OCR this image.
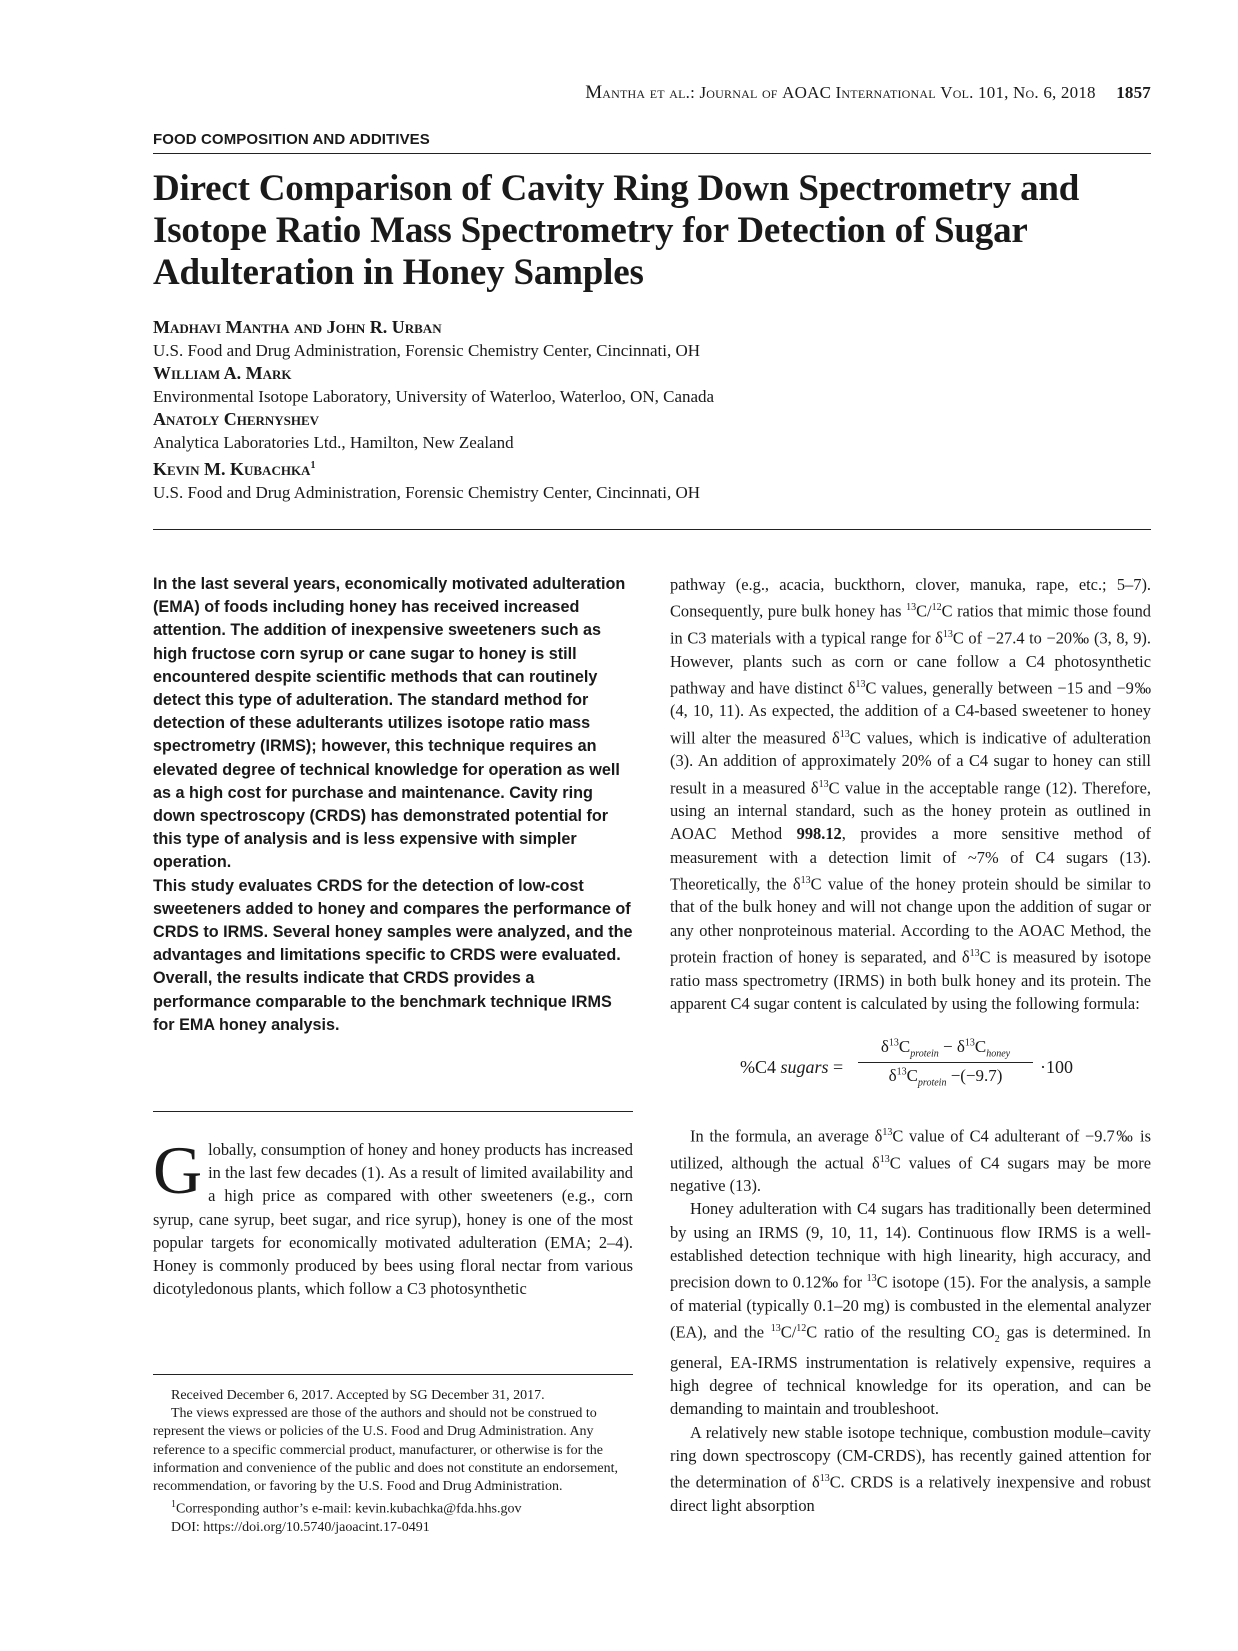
Mantha et al.: Journal of AOAC International Vol. 101, No. 6, 2018 1857
FOOD COMPOSITION AND ADDITIVES
Direct Comparison of Cavity Ring Down Spectrometry and Isotope Ratio Mass Spectrometry for Detection of Sugar Adulteration in Honey Samples
Madhavi Mantha and John R. Urban
U.S. Food and Drug Administration, Forensic Chemistry Center, Cincinnati, OH
William A. Mark
Environmental Isotope Laboratory, University of Waterloo, Waterloo, ON, Canada
Anatoly Chernyshev
Analytica Laboratories Ltd., Hamilton, New Zealand
Kevin M. Kubachka$^1$
U.S. Food and Drug Administration, Forensic Chemistry Center, Cincinnati, OH

In the last several years, economically motivated adulteration (EMA) of foods including honey has received increased attention. The addition of inexpensive sweeteners such as high fructose corn syrup or cane sugar to honey is still encountered despite scientific methods that can routinely detect this type of adulteration. The standard method for detection of these adulterants utilizes isotope ratio mass spectrometry (IRMS); however, this technique requires an elevated degree of technical knowledge for operation as well as a high cost for purchase and maintenance. Cavity ring down spectroscopy (CRDS) has demonstrated potential for this type of analysis and is less expensive with simpler operation.

This study evaluates CRDS for the detection of low-cost sweeteners added to honey and compares the performance of CRDS to IRMS. Several honey samples were analyzed, and the advantages and limitations specific to CRDS were evaluated. Overall, the results indicate that CRDS provides a performance comparable to the benchmark technique IRMS for EMA honey analysis.

Globally, consumption of honey and honey products has increased in the last few decades (1). As a result of limited availability and a high price as compared with other sweeteners (e.g., corn syrup, cane syrup, beet sugar, and rice syrup), honey is one of the most popular targets for economically motivated adulteration (EMA; 2–4). Honey is commonly produced by bees using floral nectar from various dicotyledonous plants, which follow a C3 photosynthetic

Received December 6, 2017. Accepted by SG December 31, 2017.

The views expressed are those of the authors and should not be construed to represent the views or policies of the U.S. Food and Drug Administration. Any reference to a specific commercial product, manufacturer, or otherwise is for the information and convenience of the public and does not constitute an endorsement, recommendation, or favoring by the U.S. Food and Drug Administration.

$^1$Corresponding author’s e-mail: kevin.kubachka@fda.hhs.gov

DOI: https://doi.org/10.5740/jaoacint.17-0491

pathway (e.g., acacia, buckthorn, clover, manuka, rape, etc.; 5–7). Consequently, pure bulk honey has $^{13}$C/$^{12}$C ratios that mimic those found in C3 materials with a typical range for $\delta^{13}C$ of −27.4 to −20‰ (3, 8, 9). However, plants such as corn or cane follow a C4 photosynthetic pathway and have distinct $\delta^{13}C$ values, generally between −15 and −9‰ (4, 10, 11). As expected, the addition of a C4-based sweetener to honey will alter the measured $\delta^{13}C$ values, which is indicative of adulteration (3). An addition of approximately 20% of a C4 sugar to honey can still result in a measured $\delta^{13}C$ value in the acceptable range (12). Therefore, using an internal standard, such as the honey protein as outlined in AOAC Method 998.12, provides a more sensitive method of measurement with a detection limit of ~7% of C4 sugars (13). Theoretically, the $\delta^{13}C$ value of the honey protein should be similar to that of the bulk honey and will not change upon the addition of sugar or any other nonproteinous material. According to the AOAC Method, the protein fraction of honey is separated, and $\delta^{13}C$ is measured by isotope ratio mass spectrometry (IRMS) in both bulk honey and its protein. The apparent C4 sugar content is calculated by using the following formula:

%C4 sugars =
$\delta^{13}C_{protein} - \delta^{13}C_{honey}$
$\delta^{13}C_{protein} -(-9.7)$	·100

In the formula, an average $\delta^{13}C$ value of C4 adulterant of −9.7‰ is utilized, although the actual $\delta^{13}C$ values of C4 sugars may be more negative (13).

Honey adulteration with C4 sugars has traditionally been determined by using an IRMS (9, 10, 11, 14). Continuous flow IRMS is a well-established detection technique with high linearity, high accuracy, and precision down to 0.12‰ for $^{13}$C isotope (15). For the analysis, a sample of material (typically 0.1–20 mg) is combusted in the elemental analyzer (EA), and the $^{13}$C/$^{12}$C ratio of the resulting $CO_2$ gas is determined. In general, EA-IRMS instrumentation is relatively expensive, requires a high degree of technical knowledge for its operation, and can be demanding to maintain and troubleshoot.

A relatively new stable isotope technique, combustion module–cavity ring down spectroscopy (CM-CRDS), has recently gained attention for the determination of $\delta^{13}C$. CRDS is a relatively inexpensive and robust direct light absorption
